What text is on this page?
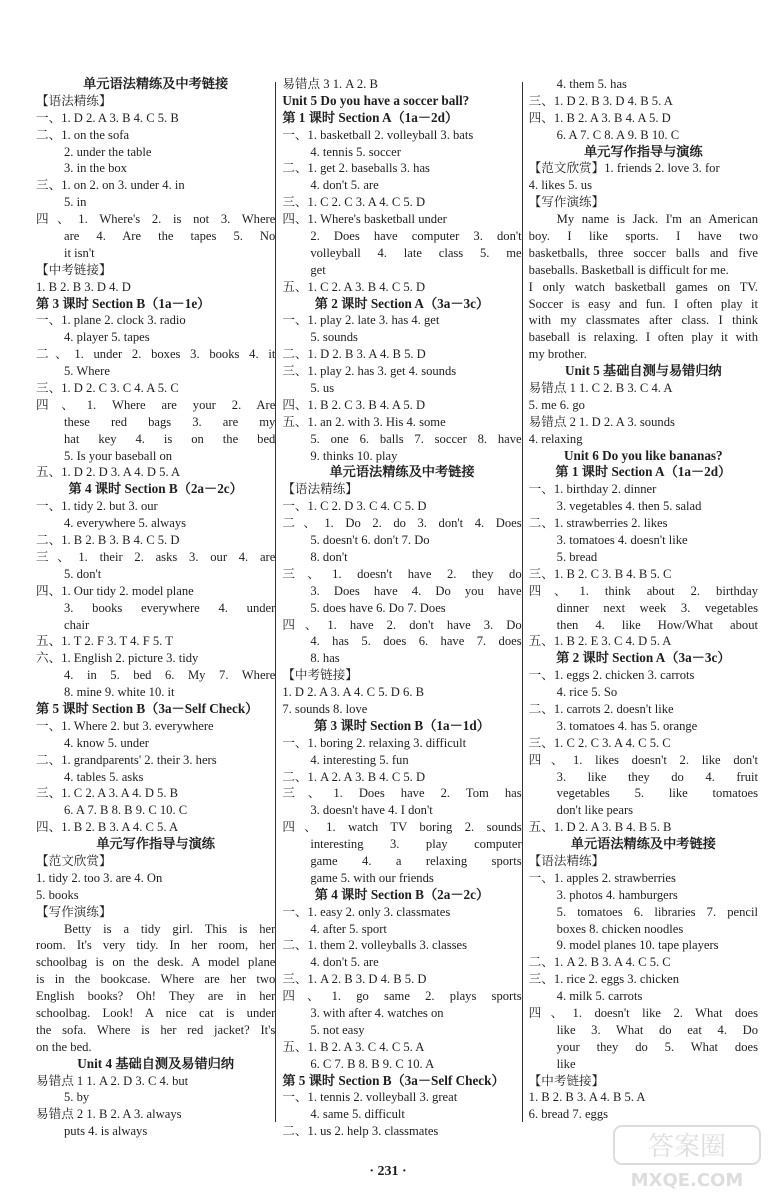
单元语法精练及中考链接
【语法精练】
一、1. D 2. A 3. B 4. C 5. B
二、1. on the sofa
2. under the table
3. in the box
三、1. on 2. on 3. under 4. in
5. in
四、1. Where's 2. is not 3. Where
are 4. Are the tapes 5. No
it isn't
【中考链接】
1. B 2. B 3. D 4. D
第 3 课时 Section B（1a－1e）
一、1. plane 2. clock 3. radio
4. player 5. tapes
二、1. under 2. boxes 3. books 4. it
5. Where
三、1. D 2. C 3. C 4. A 5. C
四、1. Where are your 2. Are
these red bags 3. are my
hat key 4. is on the bed
5. Is your baseball on
五、1. D 2. D 3. A 4. D 5. A
第 4 课时 Section B（2a－2c）
一、1. tidy 2. but 3. our
4. everywhere 5. always
二、1. B 2. B 3. B 4. C 5. D
三、1. their 2. asks 3. our 4. are
5. don't
四、1. Our tidy 2. model plane
3. books everywhere 4. under
chair
五、1. T 2. F 3. T 4. F 5. T
六、1. English 2. picture 3. tidy
4. in 5. bed 6. My 7. Where
8. mine 9. white 10. it
第 5 课时 Section B（3a－Self Check）
一、1. Where 2. but 3. everywhere
4. know 5. under
二、1. grandparents' 2. their 3. hers
4. tables 5. asks
三、1. C 2. A 3. A 4. D 5. B
6. A 7. B 8. B 9. C 10. C
四、1. B 2. B 3. A 4. C 5. A
单元写作指导与演练
【范文欣赏】
1. tidy 2. too 3. are 4. On
5. books
【写作演练】
Betty is a tidy girl. This is her
room. It's very tidy. In her room, her
schoolbag is on the desk. A model plane
is in the bookcase. Where are her two
English books? Oh! They are in her
schoolbag. Look! A nice cat is under
the sofa. Where is her red jacket? It's
on the bed.
Unit 4 基础自测及易错归纳
易错点 1 1. A 2. D 3. C 4. but
5. by
易错点 2 1. B 2. A 3. always
puts 4. is always
易错点 3 1. A 2. B
Unit 5 Do you have a soccer ball?
第 1 课时 Section A（1a－2d）
一、1. basketball 2. volleyball 3. bats
4. tennis 5. soccer
二、1. get 2. baseballs 3. has
4. don't 5. are
三、1. C 2. C 3. A 4. C 5. D
四、1. Where's basketball under
2. Does have computer 3. don't
volleyball 4. late class 5. me
get
五、1. C 2. A 3. B 4. C 5. D
第 2 课时 Section A（3a－3c）
一、1. play 2. late 3. has 4. get
5. sounds
二、1. D 2. B 3. A 4. B 5. D
三、1. play 2. has 3. get 4. sounds
5. us
四、1. B 2. C 3. B 4. A 5. D
五、1. an 2. with 3. His 4. some
5. one 6. balls 7. soccer 8. have
9. thinks 10. play
单元语法精练及中考链接
【语法精练】
一、1. C 2. D 3. C 4. C 5. D
二、1. Do 2. do 3. don't 4. Does
5. doesn't 6. don't 7. Do
8. don't
三、1. doesn't have 2. they do
3. Does have 4. Do you have
5. does have 6. Do 7. Does
四、1. have 2. don't have 3. Do
4. has 5. does 6. have 7. does
8. has
【中考链接】
1. D 2. A 3. A 4. C 5. D 6. B
7. sounds 8. love
第 3 课时 Section B（1a－1d）
一、1. boring 2. relaxing 3. difficult
4. interesting 5. fun
二、1. A 2. A 3. B 4. C 5. D
三、1. Does have 2. Tom has
3. doesn't have 4. I don't
四、1. watch TV boring 2. sounds
interesting 3. play computer
game 4. a relaxing sports
game 5. with our friends
第 4 课时 Section B（2a－2c）
一、1. easy 2. only 3. classmates
4. after 5. sport
二、1. them 2. volleyballs 3. classes
4. don't 5. are
三、1. A 2. B 3. D 4. B 5. D
四、1. go same 2. plays sports
3. with after 4. watches on
5. not easy
五、1. B 2. A 3. C 4. C 5. A
6. C 7. B 8. B 9. C 10. A
第 5 课时 Section B（3a－Self Check）
一、1. tennis 2. volleyball 3. great
4. same 5. difficult
二、1. us 2. help 3. classmates
4. them 5. has
三、1. D 2. B 3. D 4. B 5. A
四、1. B 2. A 3. B 4. A 5. D
6. A 7. C 8. A 9. B 10. C
单元写作指导与演练
【范文欣赏】1. friends 2. love 3. for
4. likes 5. us
【写作演练】
My name is Jack. I'm an American
boy. I like sports. I have two
basketballs, three soccer balls and five
baseballs. Basketball is difficult for me.
I only watch basketball games on TV.
Soccer is easy and fun. I often play it
with my classmates after class. I think
baseball is relaxing. I often play it with
my brother.
Unit 5 基础自测与易错归纳
易错点 1 1. C 2. B 3. C 4. A
5. me 6. go
易错点 2 1. D 2. A 3. sounds
4. relaxing
Unit 6 Do you like bananas?
第 1 课时 Section A（1a－2d）
一、1. birthday 2. dinner
3. vegetables 4. then 5. salad
二、1. strawberries 2. likes
3. tomatoes 4. doesn't like
5. bread
三、1. B 2. C 3. B 4. B 5. C
四、1. think about 2. birthday
dinner next week 3. vegetables
then 4. like How/What about
五、1. B 2. E 3. C 4. D 5. A
第 2 课时 Section A（3a－3c）
一、1. eggs 2. chicken 3. carrots
4. rice 5. So
二、1. carrots 2. doesn't like
3. tomatoes 4. has 5. orange
三、1. C 2. C 3. A 4. C 5. C
四、1. likes doesn't 2. like don't
3. like they do 4. fruit
vegetables 5. like tomatoes
don't like pears
五、1. D 2. A 3. B 4. B 5. B
单元语法精练及中考链接
【语法精练】
一、1. apples 2. strawberries
3. photos 4. hamburgers
5. tomatoes 6. libraries 7. pencil
boxes 8. chicken noodles
9. model planes 10. tape players
二、1. A 2. B 3. A 4. C 5. C
三、1. rice 2. eggs 3. chicken
4. milk 5. carrots
四、1. doesn't like 2. What does
like 3. What do eat 4. Do
your they do 5. What does
like
【中考链接】
1. B 2. B 3. A 4. B 5. A
6. bread 7. eggs
· 231 ·
答案圈
MXQE.COM
